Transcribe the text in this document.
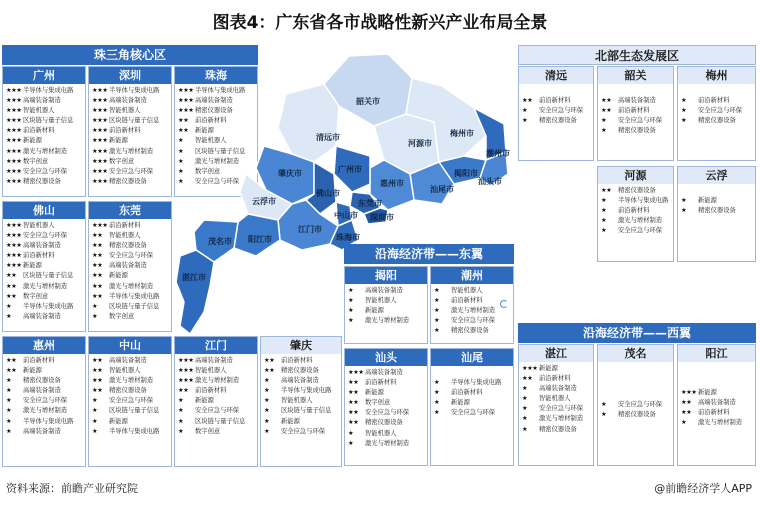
图表4：广东省各市战略性新兴产业布局全景
珠三角核心区
广州
★★★ 半导体与集成电路
★★★ 高端装备制造
★★★ 智能机器人
★★★ 区块链与量子信息
★★★ 前沿新材料
★★★ 新能源
★★★ 激光与增材制造
★★★ 数字创意
★★★ 安全应急与环保
★★★ 精密仪器设备
深圳
★★★ 半导体与集成电路
★★★ 高端装备制造
★★★ 智能机器人
★★★ 区块链与量子信息
★★★ 前沿新材料
★★★ 新能源
★★★ 激光与增材制造
★★★ 数字创意
★★★ 安全应急与环保
★★★ 精密仪器设备
珠海
★★★ 半导体与集成电路
★★★ 高端装备制造
★★★ 精密仪器设备
★★ 前沿新材料
★★ 新能源
★ 智能机器人
★ 区块链与量子信息
★ 激光与增材制造
★ 数字创意
★ 安全应急与环保
佛山
★★★ 智能机器人
★★★ 安全应急与环保
★★★ 高端装备制造
★★★ 前沿新材料
★★★ 新能源
★★ 区块链与量子信息
★★ 激光与增材制造
★★ 数字创意
★ 半导体与集成电路
★ 高端装备制造
东莞
★★★ 前沿新材料
★★ 智能机器人
★★ 精密仪器设备
★★ 安全应急与环保
★★ 高端装备制造
★★ 新能源
★★ 激光与增材制造
★★ 半导体与集成电路
★ 区块链与量子信息
★ 数字创意
惠州
★★ 前沿新材料
★★ 新能源
★ 精密仪器设备
★ 高端装备制造
★ 安全应急与环保
★ 激光与增材制造
★ 半导体与集成电路
★ 高端装备制造
中山
★★ 高端装备制造
★★ 智能机器人
★★ 激光与增材制造
★★ 精密仪器设备
★ 安全应急与环保
★ 区块链与量子信息
★ 新能源
★ 半导体与集成电路
江门
★★★ 高端装备制造
★★★ 智能机器人
★★★ 激光与增材制造
★★ 前沿新材料
★ 新能源
★ 安全应急与环保
★ 区块链与量子信息
★ 数字创意
肇庆
★★ 前沿新材料
★★ 精密仪器设备
★ 高端装备制造
★ 半导体与集成电路
★ 智能机器人
★ 区块链与量子信息
★ 新能源
★ 安全应急与环保
韶关市
清远市
河源市
梅州市
潮州市
揭阳市
汕头市
汕尾市
惠州市
广州市
肇庆市
云浮市
佛山市
东莞市
深圳市
中山市
江门市
珠海市
阳江市
茂名市
湛江市
北部生态发展区
清远
★★ 前沿新材料
★ 安全应急与环保
★ 精密仪器设备
韶关
★★ 高端装备制造
★★ 前沿新材料
★ 安全应急与环保
★ 精密仪器设备
梅州
★ 前沿新材料
★ 安全应急与环保
★ 精密仪器设备
河源
★★ 精密仪器设备
★ 半导体与集成电路
★ 前沿新材料
★ 激光与增材制造
★ 安全应急与环保
云浮
★ 新能源
★ 精密仪器设备
沿海经济带——东翼
揭阳
★ 高端装备制造
★ 智能机器人
★ 新能源
★ 激光与增材制造
潮州
★ 智能机器人
★ 前沿新材料
★ 激光与增材制造
★ 安全应急与环保
★ 精密仪器设备
汕头
★★★ 高端装备制造
★★ 前沿新材料
★★ 新能源
★★ 数字创意
★★ 安全应急与环保
★★ 精密仪器设备
★ 智能机器人
★ 激光与增材制造
汕尾
★ 半导体与集成电路
★ 前沿新材料
★ 新能源
★ 安全应急与环保
沿海经济带——西翼
湛江
★★★ 新能源
★★ 前沿新材料
★ 高端装备制造
★ 智能机器人
★ 安全应急与环保
★ 激光与增材制造
★ 精密仪器设备
茂名
★ 安全应急与环保
★ 精密仪器设备
阳江
★★★ 新能源
★★ 高端装备制造
★★ 前沿新材料
★ 激光与增材制造
资料来源：前瞻产业研究院	@前瞻经济学人APP
